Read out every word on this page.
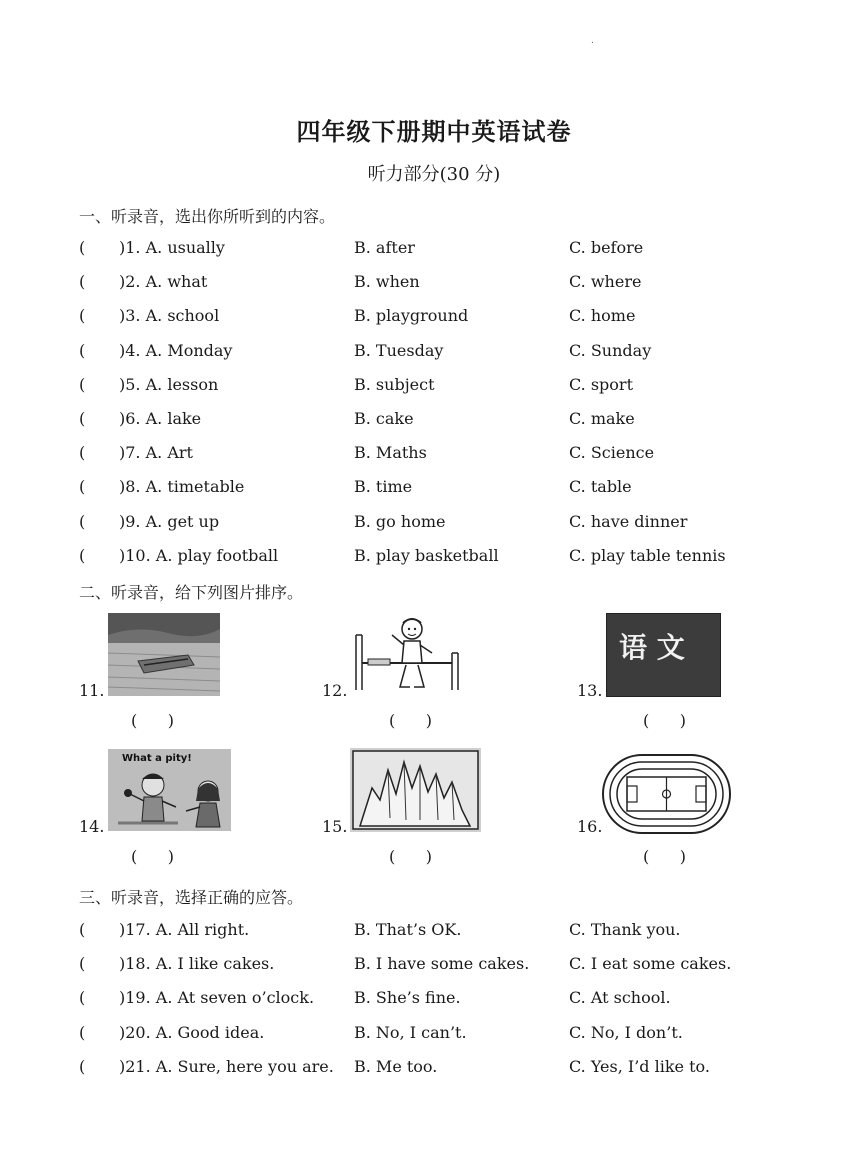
.
四年级下册期中英语试卷
听力部分(30 分)
一、听录音，选出你所听到的内容。
( )1. A. usually	B. after	C. before
( )2. A. what	B. when	C. where
( )3. A. school	B. playground	C. home
( )4. A. Monday	B. Tuesday	C. Sunday
( )5. A. lesson	B. subject	C. sport
( )6. A. lake	B. cake	C. make
( )7. A. Art	B. Maths	C. Science
( )8. A. timetable	B. time	C. table
( )9. A. get up	B. go home	C. have dinner
( )10. A. play football	B. play basketball	C. play table tennis
二、听录音，给下列图片排序。
11.
(      )
12.
(      )
13.
语 文
(      )
14.
What a pity!
(      )
15.
(      )
16.
(      )
三、听录音，选择正确的应答。
( )17. A. All right.	B. That’s OK.	C. Thank you.
( )18. A. I like cakes.	B. I have some cakes. C. I eat some cakes.
( )19. A. At seven o’clock. B. She’s fine.	C. At school.
( )20. A. Good idea.	B. No, I can’t.	C. No, I don’t.
( )21. A. Sure, here you are. B. Me too.	C. Yes, I’d like to.
